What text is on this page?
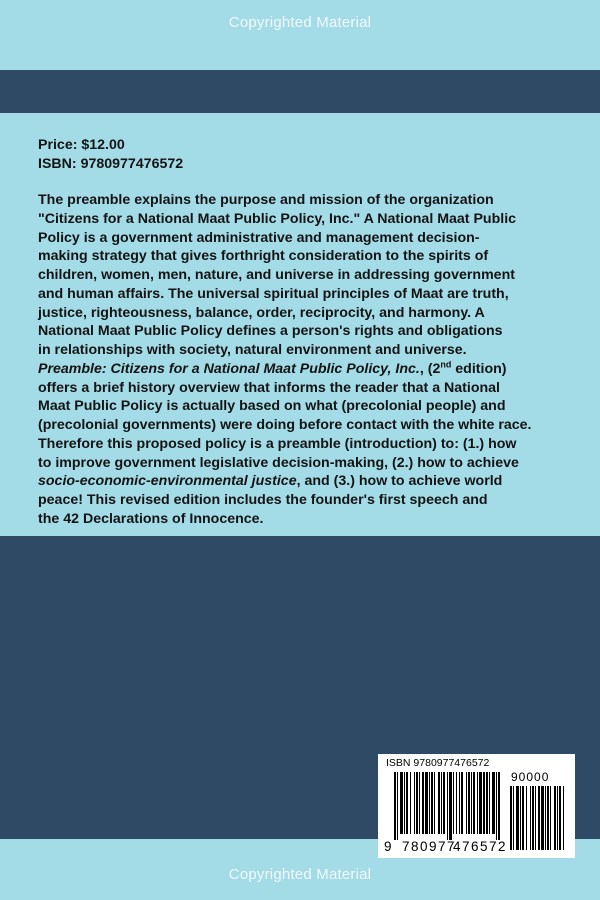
Copyrighted Material
Price: $12.00
ISBN: 9780977476572

The preamble explains the purpose and mission of the organization
"Citizens for a National Maat Public Policy, Inc." A National Maat Public
Policy is a government administrative and management decision-
making strategy that gives forthright consideration to the spirits of
children, women, men, nature, and universe in addressing government
and human affairs. The universal spiritual principles of Maat are truth,
justice, righteousness, balance, order, reciprocity, and harmony. A
National Maat Public Policy defines a person's rights and obligations
in relationships with society, natural environment and universe.
Preamble: Citizens for a National Maat Public Policy, Inc., (2nd edition)
offers a brief history overview that informs the reader that a National
Maat Public Policy is actually based on what (precolonial people) and
(precolonial governments) were doing before contact with the white race.
Therefore this proposed policy is a preamble (introduction) to: (1.) how
to improve government legislative decision-making, (2.) how to achieve
socio-economic-environmental justice, and (3.) how to achieve world
peace! This revised edition includes the founder's first speech and
the 42 Declarations of Innocence.

ISBN 9780977476572
90000
9 780977
476572
Copyrighted Material
